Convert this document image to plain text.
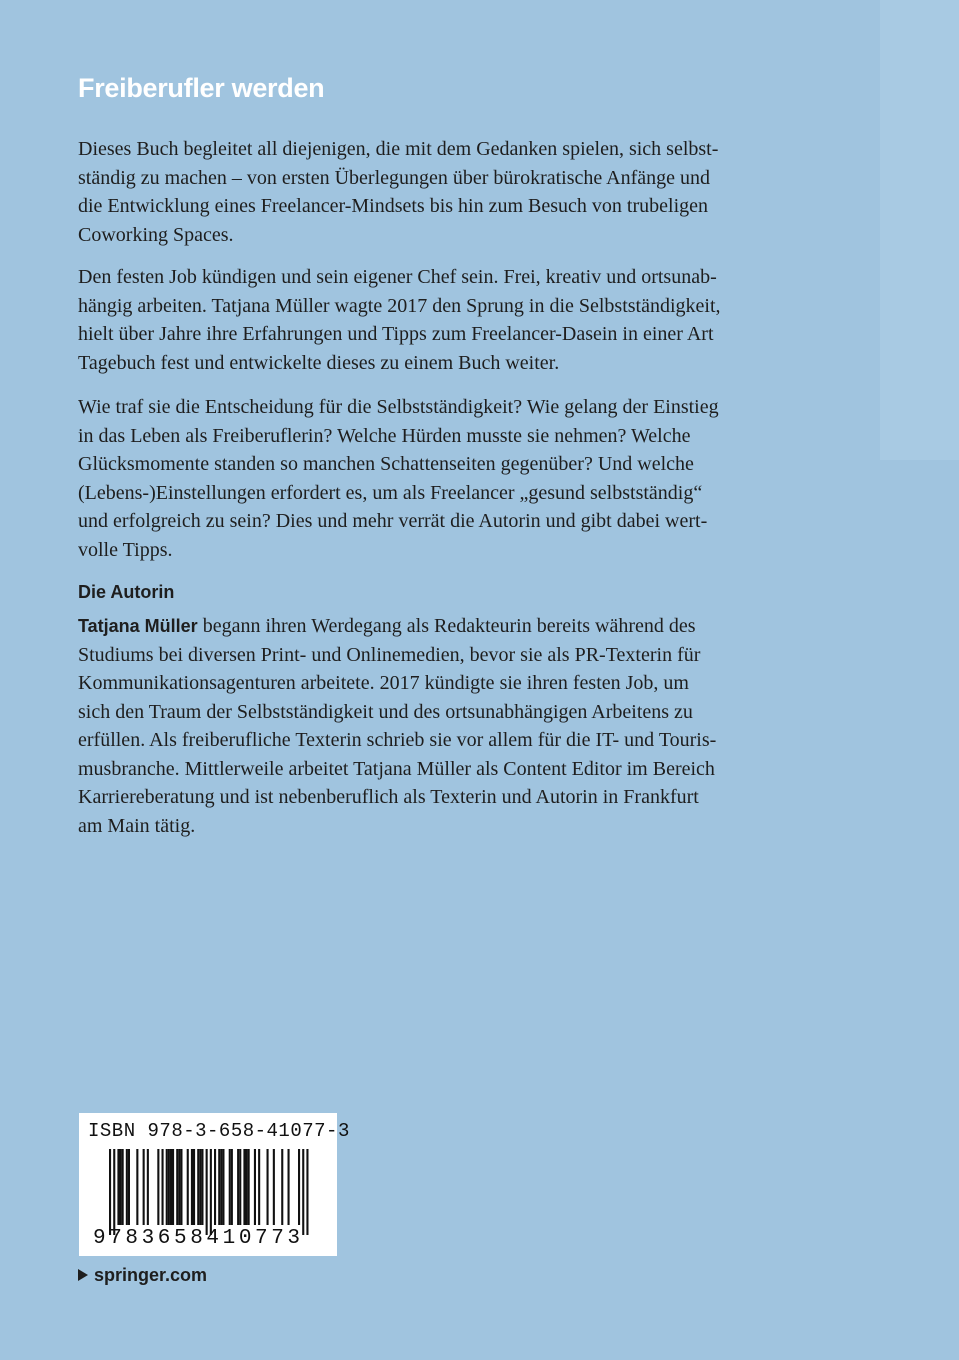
Freiberufler werden
Dieses Buch begleitet all diejenigen, die mit dem Gedanken spielen, sich selbst-
ständig zu machen – von ersten Überlegungen über bürokratische Anfänge und
die Entwicklung eines Freelancer-Mindsets bis hin zum Besuch von trubeligen
Coworking Spaces.
Den festen Job kündigen und sein eigener Chef sein. Frei, kreativ und ortsunab-
hängig arbeiten. Tatjana Müller wagte 2017 den Sprung in die Selbstständigkeit,
hielt über Jahre ihre Erfahrungen und Tipps zum Freelancer-Dasein in einer Art
Tagebuch fest und entwickelte dieses zu einem Buch weiter.
Wie traf sie die Entscheidung für die Selbstständigkeit? Wie gelang der Einstieg
in das Leben als Freiberuflerin? Welche Hürden musste sie nehmen? Welche
Glücksmomente standen so manchen Schattenseiten gegenüber? Und welche
(Lebens-)Einstellungen erfordert es, um als Freelancer „gesund selbstständig“
und erfolgreich zu sein? Dies und mehr verrät die Autorin und gibt dabei wert-
volle Tipps.
Die Autorin
Tatjana Müller begann ihren Werdegang als Redakteurin bereits während des
Studiums bei diversen Print- und Onlinemedien, bevor sie als PR-Texterin für
Kommunikationsagenturen arbeitete. 2017 kündigte sie ihren festen Job, um
sich den Traum der Selbstständigkeit und des ortsunabhängigen Arbeitens zu
erfüllen. Als freiberufliche Texterin schrieb sie vor allem für die IT- und Touris-
musbranche. Mittlerweile arbeitet Tatjana Müller als Content Editor im Bereich
Karriereberatung und ist nebenberuflich als Texterin und Autorin in Frankfurt
am Main tätig.
ISBN 978-3-658-41077-3
9783658410773
springer.com
